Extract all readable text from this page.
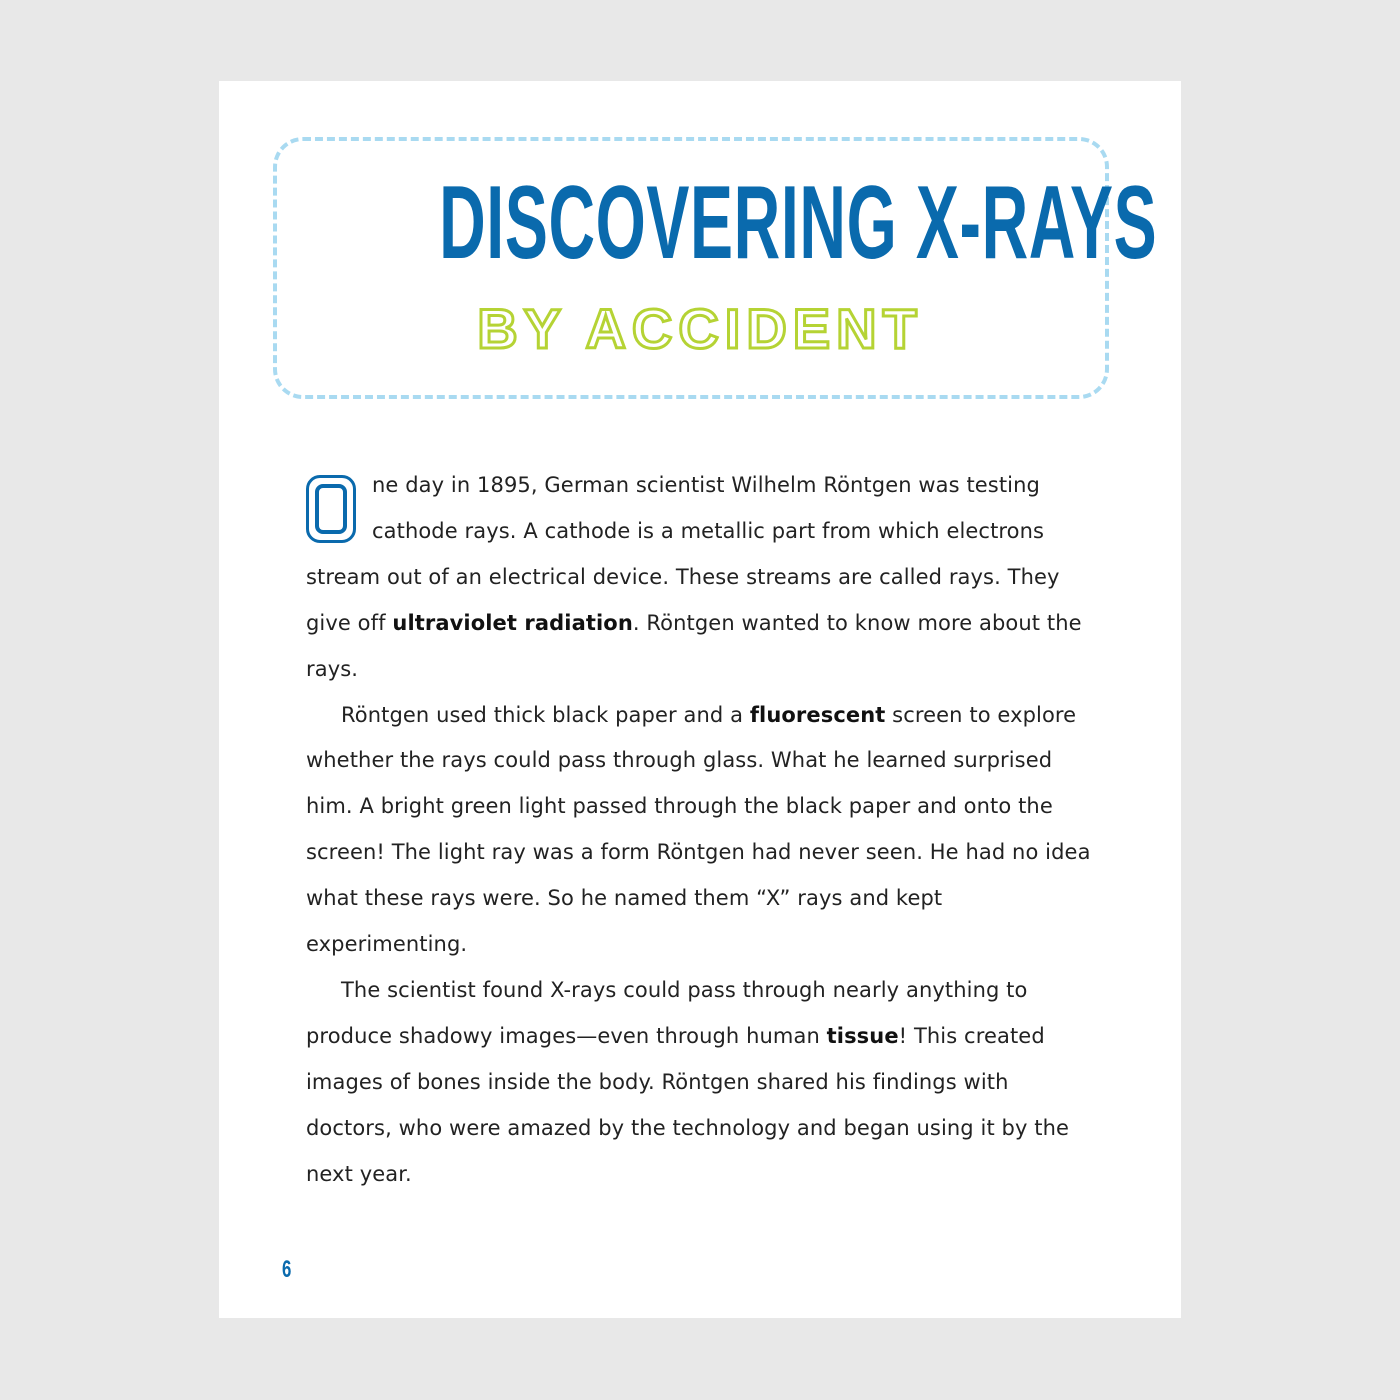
DISCOVERING X-RAYS
BY ACCIDENT

ne day in 1895, German scientist Wilhelm Röntgen was testing cathode rays. A cathode is a metallic part from which electrons stream out of an electrical device. These streams are called rays. They give off ultraviolet radiation. Röntgen wanted to know more about the rays.

Röntgen used thick black paper and a fluorescent screen to explore whether the rays could pass through glass. What he learned surprised him. A bright green light passed through the black paper and onto the screen! The light ray was a form Röntgen had never seen. He had no idea what these rays were. So he named them “X” rays and kept experimenting.

The scientist found X-rays could pass through nearly anything to produce shadowy images—even through human tissue! This created images of bones inside the body. Röntgen shared his findings with doctors, who were amazed by the technology and began using it by the next year.

6
